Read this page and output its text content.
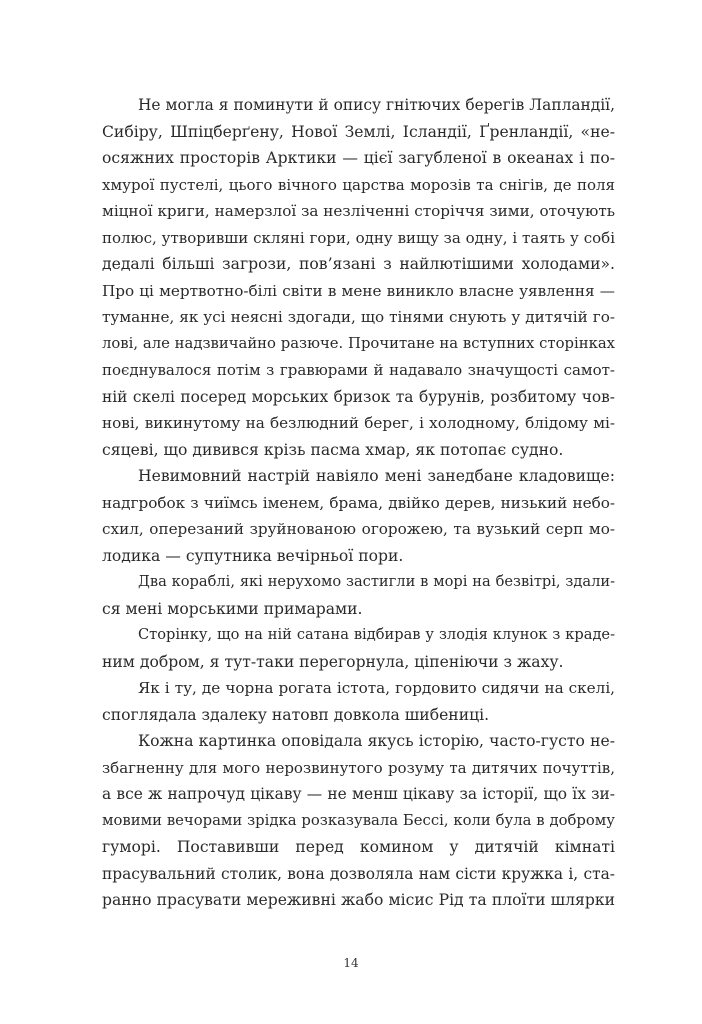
Не могла я поминути й опису гнітючих берегів Лапландії,
Сибіру, Шпіцберґену, Нової Землі, Ісландії, Ґренландії, «не-
осяжних просторів Арктики — цієї загубленої в океанах і по-
хмурої пустелі, цього вічного царства морозів та снігів, де поля
міцної криги, намерзлої за незліченні сторіччя зими, оточують
полюс, утворивши скляні гори, одну вищу за одну, і таять у собі
дедалі більші загрози, пов’язані з найлютішими холодами».
Про ці мертвотно-білі світи в мене виникло власне уявлення —
туманне, як усі неясні здогади, що тінями снують у дитячій го-
лові, але надзвичайно разюче. Прочитане на вступних сторінках
поєднувалося потім з гравюрами й надавало значущості самот-
ній скелі посеред морських бризок та бурунів, розбитому чов-
нові, викинутому на безлюдний берег, і холодному, блідому мі-
сяцеві, що дивився крізь пасма хмар, як потопає судно.
Невимовний настрій навіяло мені занедбане кладовище:
надгробок з чиїмсь іменем, брама, двійко дерев, низький небо-
схил, оперезаний зруйнованою огорожею, та вузький серп мо-
лодика — супутника вечірньої пори.
Два кораблі, які нерухомо застигли в морі на безвітрі, здали-
ся мені морськими примарами.
Сторінку, що на ній сатана відбирав у злодія клунок з крадe-
ним добром, я тут-таки перегорнула, ціпеніючи з жаху.
Як і ту, де чорна рогата істота, гордовито сидячи на скелі,
споглядала здалеку натовп довкола шибениці.
Кожна картинка оповідала якусь історію, часто-густо не-
збагненну для мого нерозвинутого розуму та дитячих почуттів,
а все ж напрочуд цікаву — не менш цікаву за історії, що їх зи-
мовими вечорами зрідка розказувала Бессі, коли була в доброму
гуморі. Поставивши перед комином у дитячій кімнаті
прасувальний столик, вона дозволяла нам сісти кружка і, ста-
ранно прасувати мереживні жабо місис Рід та плоїти шлярки
14
